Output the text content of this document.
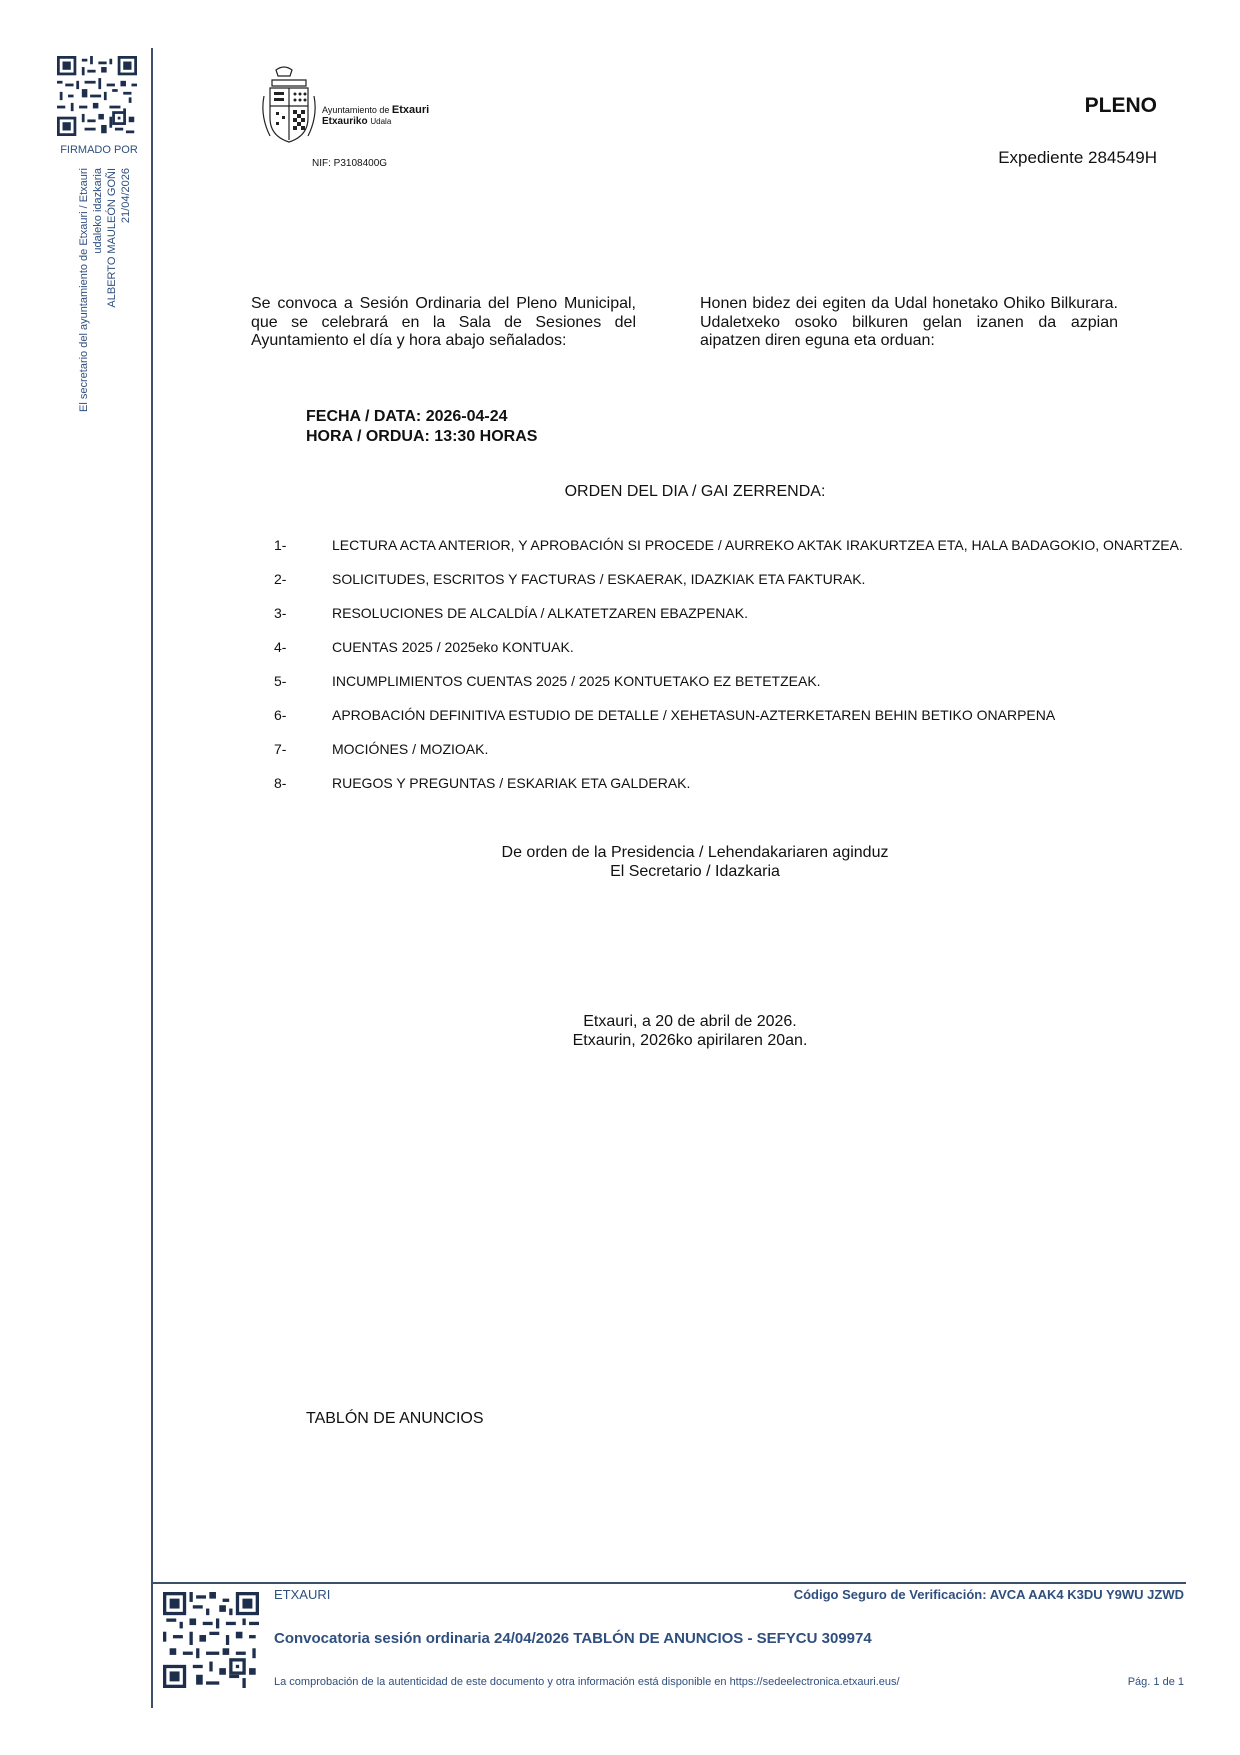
FIRMADO POR
El secretario del ayuntamiento de Etxauri / Etxauri udaleko idazkaria ALBERTO MAULEÓN GOÑI 21/04/2026
Ayuntamiento de Etxauri
Etxauriko Udala
NIF: P3108400G
PLENO
Expediente 284549H
Se convoca a Sesión Ordinaria del Pleno Municipal, que se celebrará en la Sala de Sesiones del Ayuntamiento el día y hora abajo señalados:
Honen bidez dei egiten da Udal honetako Ohiko Bilkurara. Udaletxeko osoko bilkuren gelan izanen da azpian aipatzen diren eguna eta orduan:
FECHA / DATA: 2026-04-24
HORA / ORDUA: 13:30 HORAS
ORDEN DEL DIA / GAI ZERRENDA:
1-	LECTURA ACTA ANTERIOR, Y APROBACIÓN SI PROCEDE / AURREKO AKTAK IRAKURTZEA ETA, HALA BADAGOKIO, ONARTZEA.
2-	SOLICITUDES, ESCRITOS Y FACTURAS / ESKAERAK, IDAZKIAK ETA FAKTURAK.
3-	RESOLUCIONES DE ALCALDÍA / ALKATETZAREN EBAZPENAK.
4-	CUENTAS 2025 / 2025eko KONTUAK.
5-	INCUMPLIMIENTOS CUENTAS 2025 / 2025 KONTUETAKO EZ BETETZEAK.
6-	APROBACIÓN DEFINITIVA ESTUDIO DE DETALLE / XEHETASUN-AZTERKETAREN BEHIN BETIKO ONARPENA
7-	MOCIÓNES / MOZIOAK.
8-	RUEGOS Y PREGUNTAS / ESKARIAK ETA GALDERAK.
De orden de la Presidencia / Lehendakariaren aginduz
El Secretario / Idazkaria
Etxauri, a 20 de abril de 2026.
Etxaurin, 2026ko apirilaren 20an.
TABLÓN DE ANUNCIOS
ETXAURI	Código Seguro de Verificación: AVCA AAK4 K3DU Y9WU JZWD
Convocatoria sesión ordinaria 24/04/2026 TABLÓN DE ANUNCIOS - SEFYCU 309974
La comprobación de la autenticidad de este documento y otra información está disponible en https://sedeelectronica.etxauri.eus/	Pág. 1 de 1
